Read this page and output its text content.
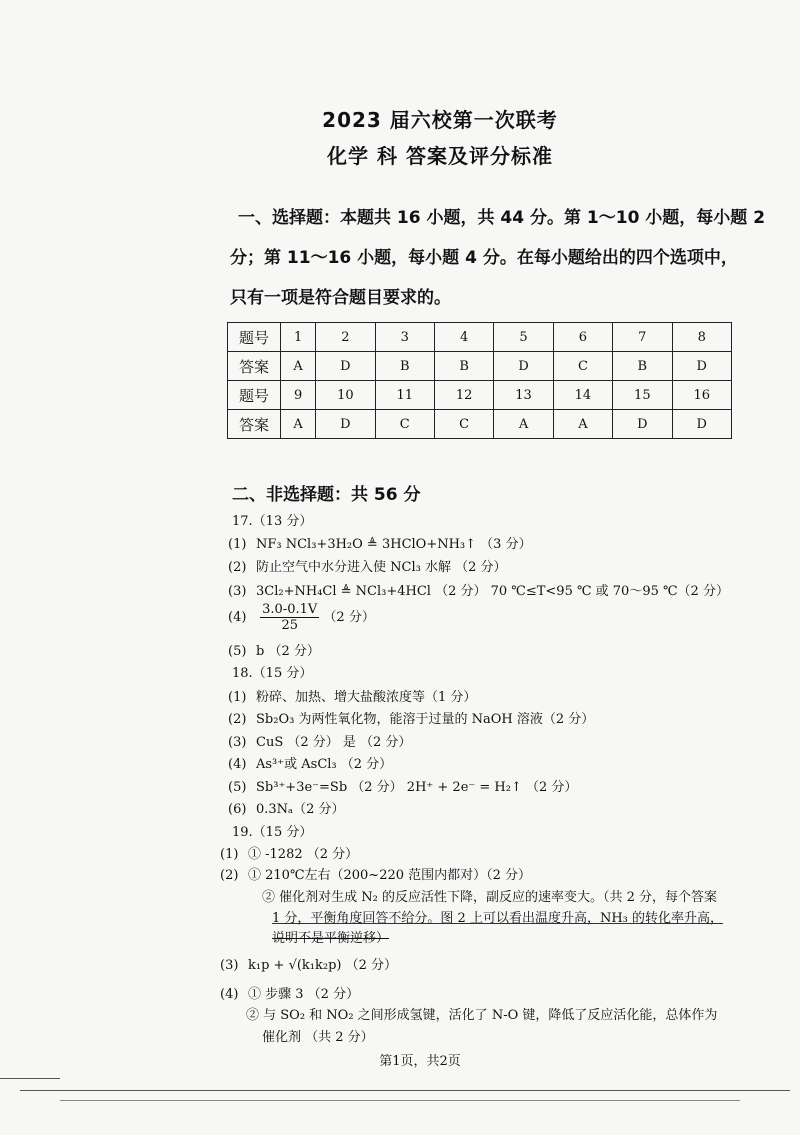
2023 届六校第一次联考
化学 科 答案及评分标准
一、选择题：本题共 16 小题，共 44 分。第 1～10 小题，每小题 2
分；第 11～16 小题，每小题 4 分。在每小题给出的四个选项中，
只有一项是符合题目要求的。
题号	1	2	3	4	5	6	7	8
答案	A	D	B	B	D	C	B	D
题号	9	10	11	12	13	14	15	16
答案	A	D	C	C	A	A	D	D
二、非选择题：共 56 分
17.（13 分）
(1) NF₃ NCl₃+3H₂O ≜ 3HClO+NH₃↑ （3 分）
(2) 防止空气中水分进入使 NCl₃ 水解 （2 分）
(3) 3Cl₂+NH₄Cl ≜ NCl₃+4HCl （2 分） 70 ℃≤T<95 ℃ 或 70～95 ℃（2 分）
$(4) \frac{3.0-0.1V}{25} (2$ 分）
(5) b （2 分）
18.（15 分）
(1) 粉碎、加热、增大盐酸浓度等（1 分）
(2) Sb₂O₃ 为两性氧化物，能溶于过量的 NaOH 溶液（2 分）
(3) CuS （2 分） 是 （2 分）
(4) As³⁺或 AsCl₃ （2 分）
(5) Sb³⁺+3e⁻=Sb （2 分） 2H⁺ + 2e⁻ = H₂↑ （2 分）
(6) 0.3Nₐ（2 分）
19.（15 分）
(1) ① -1282 （2 分）
(2) ① 210℃左右（200~220 范围内都对）（2 分）
② 催化剂对生成 N₂ 的反应活性下降，副反应的速率变大。（共 2 分，每个答案
1 分，平衡角度回答不给分。图 2 上可以看出温度升高，NH₃ 的转化率升高，
说明不是平衡逆移）
(3) k₁p + √(k₁k₂p) （2 分）
(4) ① 步骤 3 （2 分）
② 与 SO₂ 和 NO₂ 之间形成氢键，活化了 N-O 键，降低了反应活化能，总体作为
催化剂 （共 2 分）
第1页，共2页
